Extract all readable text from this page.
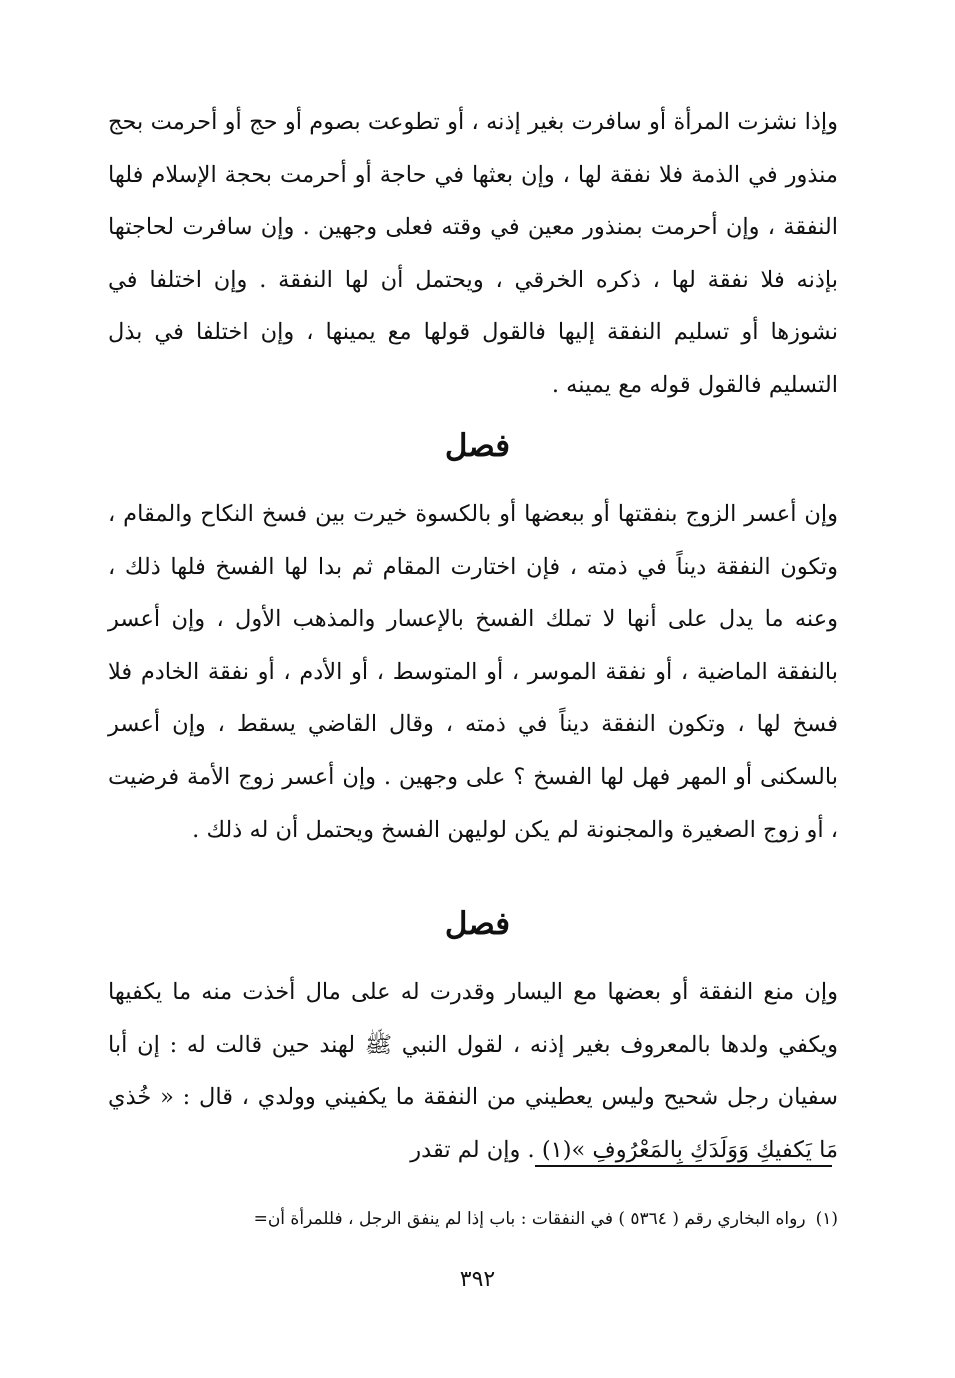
وإذا نشزت المرأة أو سافرت بغير إذنه ، أو تطوعت بصوم أو حج أو أحرمت بحج منذور في الذمة فلا نفقة لها ، وإن بعثها في حاجة أو أحرمت بحجة الإسلام فلها النفقة ، وإن أحرمت بمنذور معين في وقته فعلى وجهين . وإن سافرت لحاجتها بإذنه فلا نفقة لها ، ذكره الخرقي ، ويحتمل أن لها النفقة . وإن اختلفا في نشوزها أو تسليم النفقة إليها فالقول قولها مع يمينها ، وإن اختلفا في بذل التسليم فالقول قوله مع يمينه .

فصل

وإن أعسر الزوج بنفقتها أو ببعضها أو بالكسوة خيرت بين فسخ النكاح والمقام ، وتكون النفقة ديناً في ذمته ، فإن اختارت المقام ثم بدا لها الفسخ فلها ذلك ، وعنه ما يدل على أنها لا تملك الفسخ بالإعسار والمذهب الأول ، وإن أعسر بالنفقة الماضية ، أو نفقة الموسر ، أو المتوسط ، أو الأدم ، أو نفقة الخادم فلا فسخ لها ، وتكون النفقة ديناً في ذمته ، وقال القاضي يسقط ، وإن أعسر بالسكنى أو المهر فهل لها الفسخ ؟ على وجهين . وإن أعسر زوج الأمة فرضيت ، أو زوج الصغيرة والمجنونة لم يكن لوليهن الفسخ ويحتمل أن له ذلك .

فصل

وإن منع النفقة أو بعضها مع اليسار وقدرت له على مال أخذت منه ما يكفيها ويكفي ولدها بالمعروف بغير إذنه ، لقول النبي ﷺ لهند حين قالت له : إن أبا سفيان رجل شحيح وليس يعطيني من النفقة ما يكفيني وولدي ، قال : « خُذي مَا يَكفيكِ وَوَلَدَكِ بِالمَعْرُوفِ »(١) . وإن لم تقدر

(١)رواه البخاري رقم ( ٥٣٦٤ ) في النفقات : باب إذا لم ينفق الرجل ، فللمرأة أن=
٣٩٢
